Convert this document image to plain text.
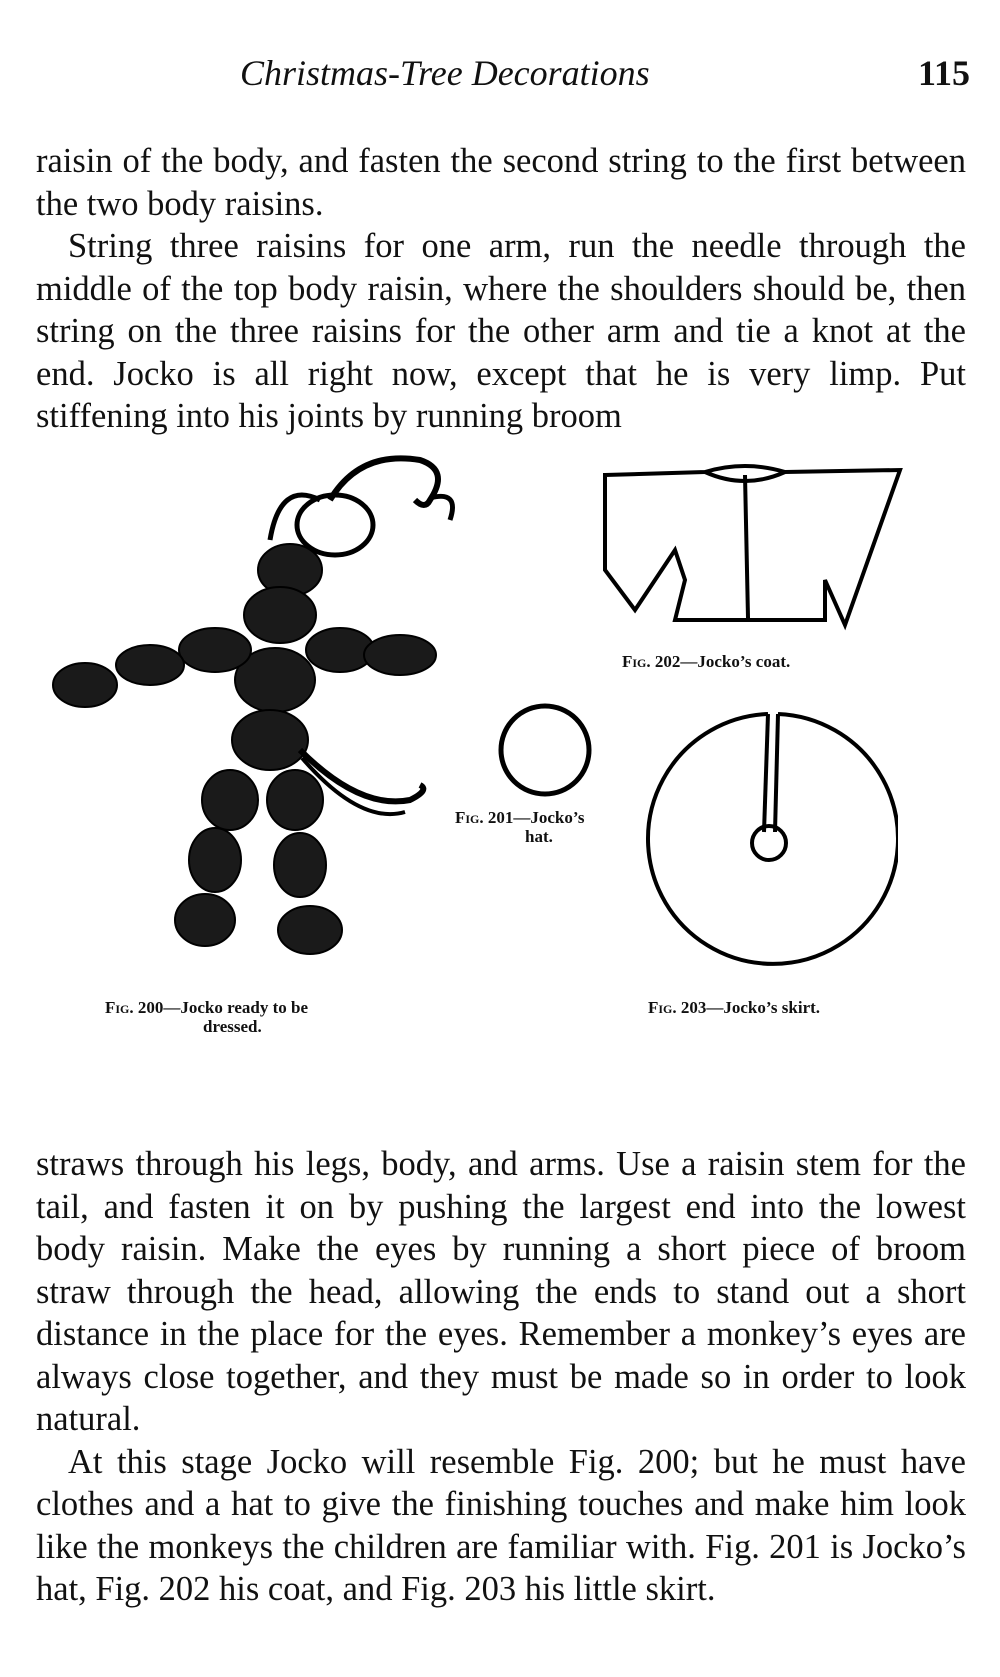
Christmas-Tree Decorations	115

raisin of the body, and fasten the second string to the first between the two body raisins.

String three raisins for one arm, run the needle through the middle of the top body raisin, where the shoulders should be, then string on the three raisins for the other arm and tie a knot at the end. Jocko is all right now, except that he is very limp. Put stiffening into his joints by running broom

Fig. 200—Jocko ready to be
dressed.
Fig. 202—Jocko’s coat.
Fig. 201—Jocko’s
hat.
Fig. 203—Jocko’s skirt.

straws through his legs, body, and arms. Use a raisin stem for the tail, and fasten it on by pushing the largest end into the lowest body raisin. Make the eyes by running a short piece of broom straw through the head, allowing the ends to stand out a short distance in the place for the eyes. Remember a monkey’s eyes are always close together, and they must be made so in order to look natural.

At this stage Jocko will resemble Fig. 200; but he must have clothes and a hat to give the finishing touches and make him look like the monkeys the children are familiar with. Fig. 201 is Jocko’s hat, Fig. 202 his coat, and Fig. 203 his little skirt.
